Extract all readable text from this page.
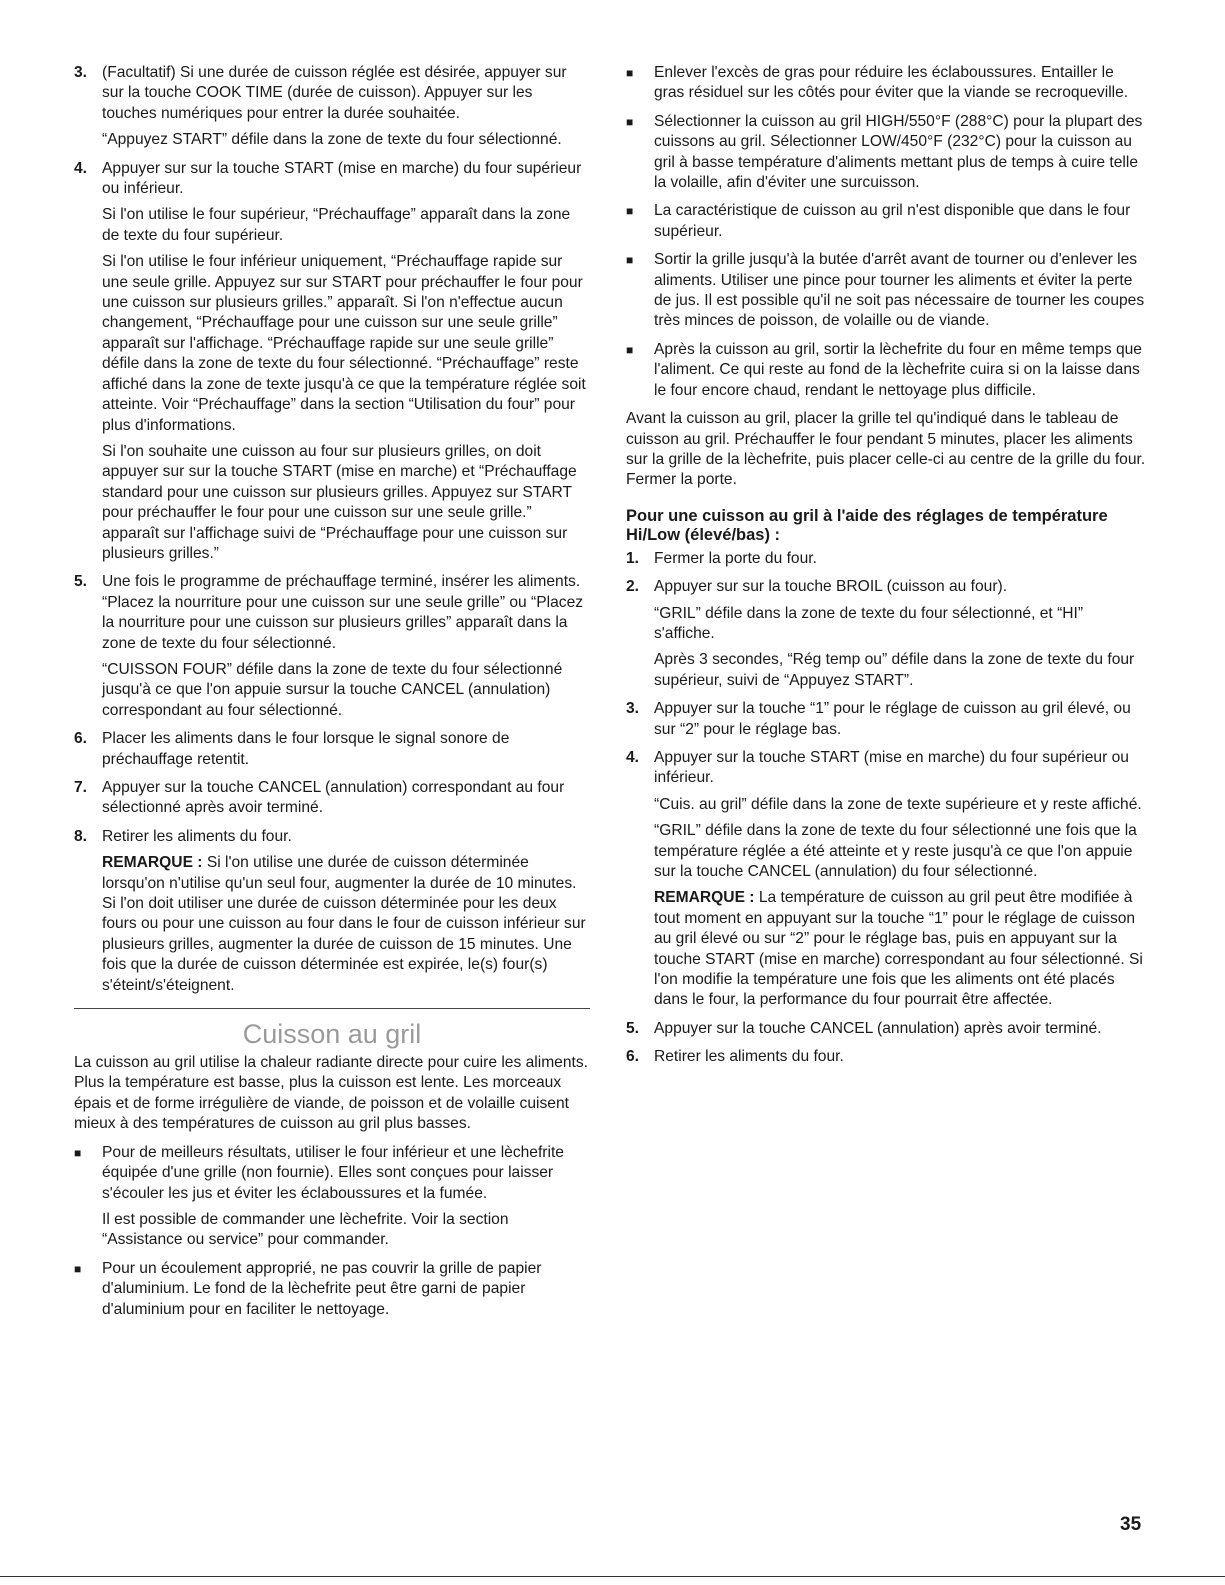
3. (Facultatif) Si une durée de cuisson réglée est désirée, appuyer sur sur la touche COOK TIME (durée de cuisson). Appuyer sur les touches numériques pour entrer la durée souhaitée.

“Appuyez START” défile dans la zone de texte du four sélectionné.

4. Appuyer sur sur la touche START (mise en marche) du four supérieur ou inférieur.

Si l'on utilise le four supérieur, “Préchauffage” apparaît dans la zone de texte du four supérieur.

Si l'on utilise le four inférieur uniquement, “Préchauffage rapide sur une seule grille. Appuyez sur sur START pour préchauffer le four pour une cuisson sur plusieurs grilles.” apparaît. Si l'on n'effectue aucun changement, “Préchauffage pour une cuisson sur une seule grille” apparaît sur l'affichage. “Préchauffage rapide sur une seule grille” défile dans la zone de texte du four sélectionné. “Préchauffage” reste affiché dans la zone de texte jusqu'à ce que la température réglée soit atteinte. Voir “Préchauffage” dans la section “Utilisation du four” pour plus d'informations.

Si l'on souhaite une cuisson au four sur plusieurs grilles, on doit appuyer sur sur la touche START (mise en marche) et “Préchauffage standard pour une cuisson sur plusieurs grilles. Appuyez sur START pour préchauffer le four pour une cuisson sur une seule grille.” apparaît sur l'affichage suivi de “Préchauffage pour une cuisson sur plusieurs grilles.”

5. Une fois le programme de préchauffage terminé, insérer les aliments. “Placez la nourriture pour une cuisson sur une seule grille” ou “Placez la nourriture pour une cuisson sur plusieurs grilles” apparaît dans la zone de texte du four sélectionné.

“CUISSON FOUR” défile dans la zone de texte du four sélectionné jusqu'à ce que l'on appuie sursur la touche CANCEL (annulation) correspondant au four sélectionné.

6. Placer les aliments dans le four lorsque le signal sonore de préchauffage retentit.

7. Appuyer sur la touche CANCEL (annulation) correspondant au four sélectionné après avoir terminé.

8. Retirer les aliments du four.

REMARQUE : Si l'on utilise une durée de cuisson déterminée lorsqu'on n'utilise qu'un seul four, augmenter la durée de 10 minutes. Si l'on doit utiliser une durée de cuisson déterminée pour les deux fours ou pour une cuisson au four dans le four de cuisson inférieur sur plusieurs grilles, augmenter la durée de cuisson de 15 minutes. Une fois que la durée de cuisson déterminée est expirée, le(s) four(s) s'éteint/s'éteignent.

Cuisson au gril

La cuisson au gril utilise la chaleur radiante directe pour cuire les aliments. Plus la température est basse, plus la cuisson est lente. Les morceaux épais et de forme irrégulière de viande, de poisson et de volaille cuisent mieux à des températures de cuisson au gril plus basses.

■	Pour de meilleurs résultats, utiliser le four inférieur et une lèchefrite équipée d'une grille (non fournie). Elles sont conçues pour laisser s'écouler les jus et éviter les éclaboussures et la fumée.

Il est possible de commander une lèchefrite. Voir la section “Assistance ou service” pour commander.

■	Pour un écoulement approprié, ne pas couvrir la grille de papier d'aluminium. Le fond de la lèchefrite peut être garni de papier d'aluminium pour en faciliter le nettoyage.

■	Enlever l'excès de gras pour réduire les éclaboussures. Entailler le gras résiduel sur les côtés pour éviter que la viande se recroqueville.

■	Sélectionner la cuisson au gril HIGH/550°F (288°C) pour la plupart des cuissons au gril. Sélectionner LOW/450°F (232°C) pour la cuisson au gril à basse température d'aliments mettant plus de temps à cuire telle la volaille, afin d'éviter une surcuisson.

■	La caractéristique de cuisson au gril n'est disponible que dans le four supérieur.

■	Sortir la grille jusqu'à la butée d'arrêt avant de tourner ou d'enlever les aliments. Utiliser une pince pour tourner les aliments et éviter la perte de jus. Il est possible qu'il ne soit pas nécessaire de tourner les coupes très minces de poisson, de volaille ou de viande.

■	Après la cuisson au gril, sortir la lèchefrite du four en même temps que l'aliment. Ce qui reste au fond de la lèchefrite cuira si on la laisse dans le four encore chaud, rendant le nettoyage plus difficile.

Avant la cuisson au gril, placer la grille tel qu'indiqué dans le tableau de cuisson au gril. Préchauffer le four pendant 5 minutes, placer les aliments sur la grille de la lèchefrite, puis placer celle-ci au centre de la grille du four. Fermer la porte.

Pour une cuisson au gril à l'aide des réglages de température Hi/Low (élevé/bas) :
1. Fermer la porte du four.

2. Appuyer sur sur la touche BROIL (cuisson au four).

“GRIL” défile dans la zone de texte du four sélectionné, et “HI” s'affiche.

Après 3 secondes, “Rég temp ou” défile dans la zone de texte du four supérieur, suivi de “Appuyez START”.

3. Appuyer sur la touche “1” pour le réglage de cuisson au gril élevé, ou sur “2” pour le réglage bas.

4. Appuyer sur la touche START (mise en marche) du four supérieur ou inférieur.

“Cuis. au gril” défile dans la zone de texte supérieure et y reste affiché.

“GRIL” défile dans la zone de texte du four sélectionné une fois que la température réglée a été atteinte et y reste jusqu'à ce que l'on appuie sur la touche CANCEL (annulation) du four sélectionné.

REMARQUE : La température de cuisson au gril peut être modifiée à tout moment en appuyant sur la touche “1” pour le réglage de cuisson au gril élevé ou sur “2” pour le réglage bas, puis en appuyant sur la touche START (mise en marche) correspondant au four sélectionné. Si l'on modifie la température une fois que les aliments ont été placés dans le four, la performance du four pourrait être affectée.

5. Appuyer sur la touche CANCEL (annulation) après avoir terminé.

6. Retirer les aliments du four.

35
